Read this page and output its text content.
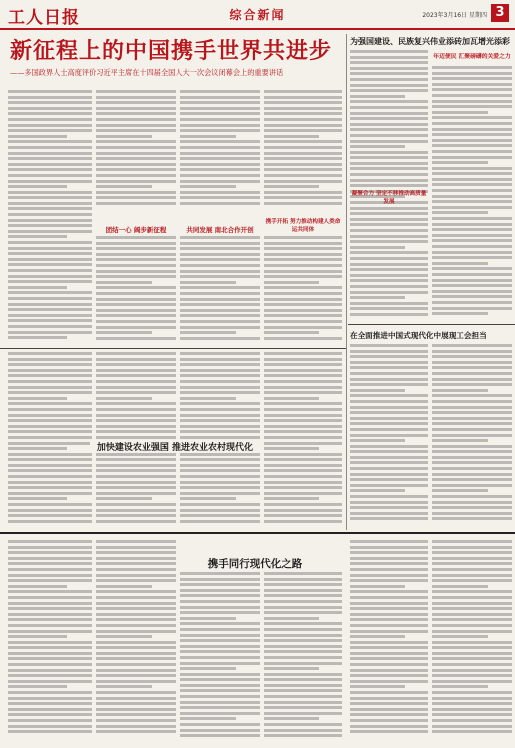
工人日报	综合新闻	2023年3月16日 星期四 3
新征程上的中国携手世界共进步
——多国政界人士高度评价习近平主席在十四届全国人大一次会议闭幕会上的重要讲话
团结一心 阔步新征程	共同发展 南北合作开创
携手开拓 努力推动构建人类命运共同体
为强国建设、民族复兴伟业添砖加瓦增光添彩
年迈便民 汇聚磅礴的关爱之力
凝聚合力 坚定不移推动高质量发展
在全面推进中国式现代化中展现工会担当
加快建设农业强国 推进农业农村现代化
携手同行现代化之路
